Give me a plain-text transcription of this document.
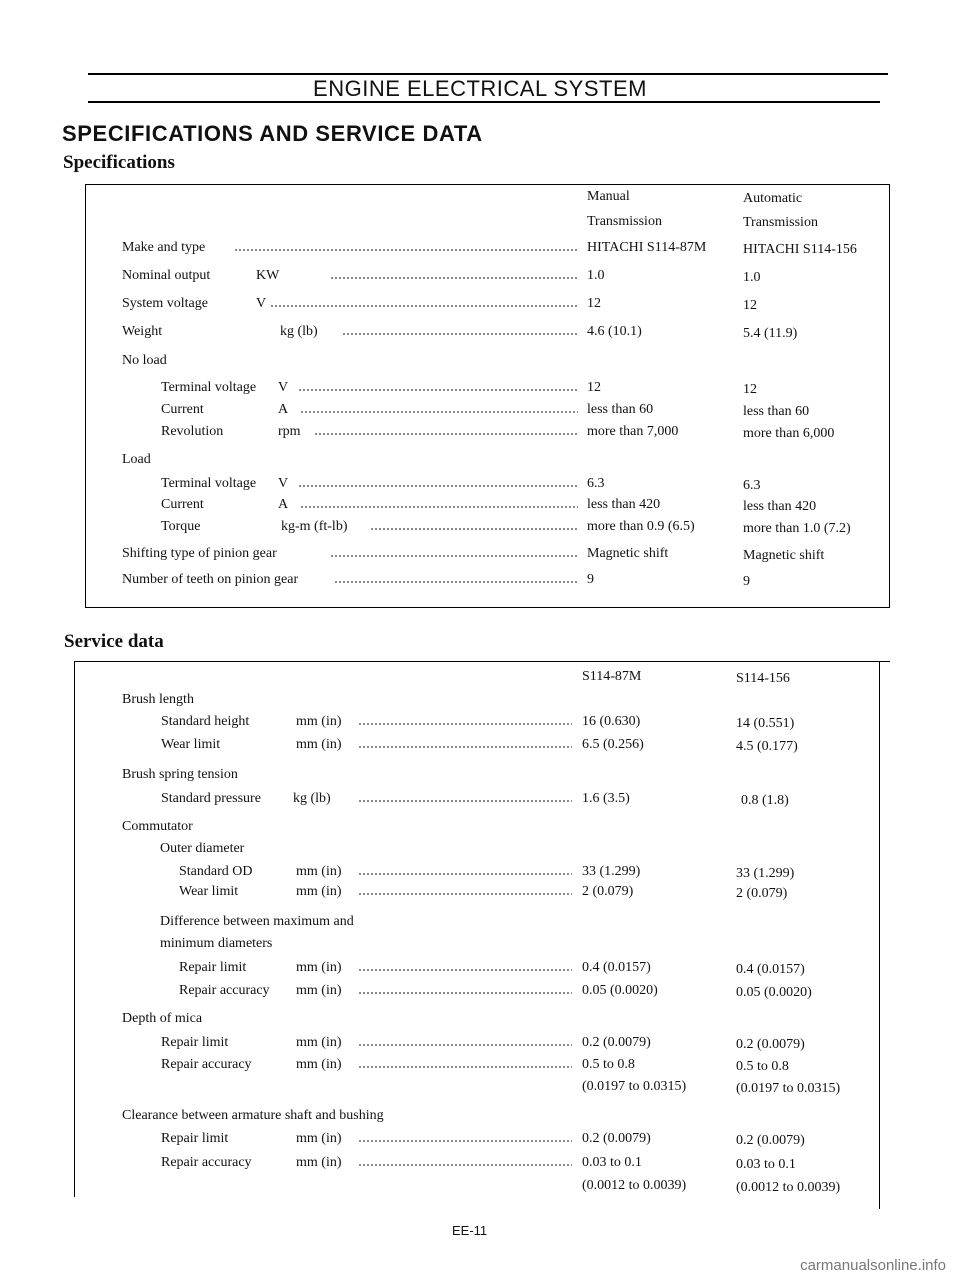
ENGINE ELECTRICAL SYSTEM
SPECIFICATIONS AND SERVICE DATA
Specifications
Manual
Transmission
Automatic
Transmission
Make and type	HITACHI S114-87M	HITACHI S114-156
Nominal output	KW	1.0	1.0
System voltage	V	12	12
Weight	kg (lb)	4.6 (10.1)	5.4 (11.9)
No load
Terminal voltage V	12	12
Current	A	less than 60	less than 60
Revolution	rpm	more than 7,000	more than 6,000
Load
Terminal voltage V	6.3	6.3
Current	A	less than 420	less than 420
Torque	kg-m (ft-lb)	more than 0.9 (6.5)	more than 1.0 (7.2)
Shifting type of pinion gear	Magnetic shift	Magnetic shift
Number of teeth on pinion gear	9	9
Service data
S114-87M	S114-156
Brush length
Standard height	mm (in)	16 (0.630)	14 (0.551)
Wear limit	mm (in)	6.5 (0.256)	4.5 (0.177)
Brush spring tension
Standard pressure kg (lb)	1.6 (3.5)	0.8 (1.8)
Commutator
Outer diameter
Standard OD	mm (in)	33 (1.299)	33 (1.299)
Wear limit	mm (in)	2 (0.079)	2 (0.079)
Difference between maximum and
minimum diameters
Repair limit	mm (in)	0.4 (0.0157)	0.4 (0.0157)
Repair accuracy mm (in)	0.05 (0.0020)	0.05 (0.0020)
Depth of mica
Repair limit	mm (in)	0.2 (0.0079)	0.2 (0.0079)
Repair accuracy	mm (in)	0.5 to 0.8	0.5 to 0.8
(0.0197 to 0.0315)	(0.0197 to 0.0315)
Clearance between armature shaft and bushing
Repair limit	mm (in)	0.2 (0.0079)	0.2 (0.0079)
Repair accuracy	mm (in)	0.03 to 0.1	0.03 to 0.1
(0.0012 to 0.0039)	(0.0012 to 0.0039)
EE-11
carmanualsonline.info
